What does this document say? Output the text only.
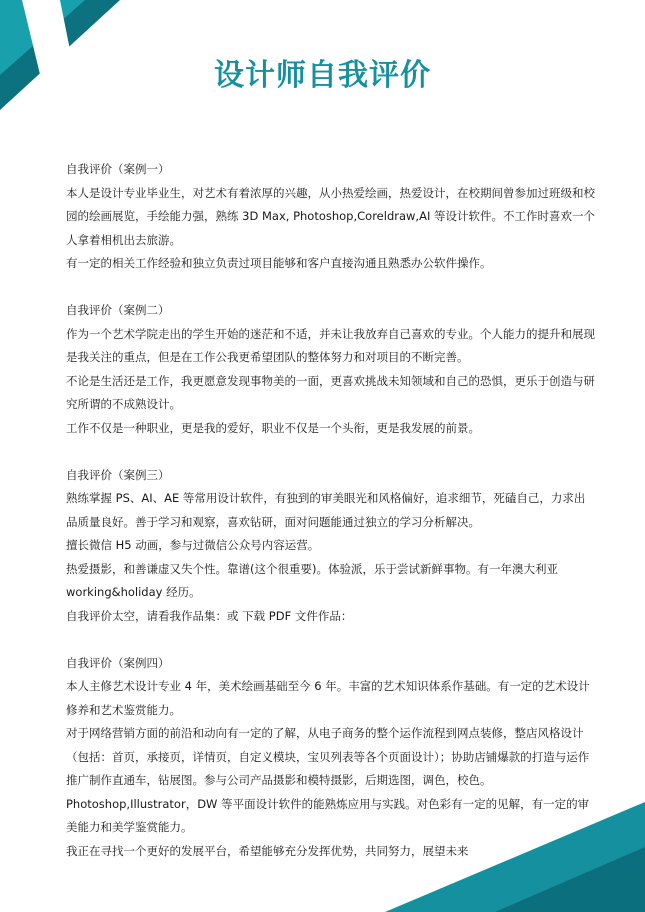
设计师自我评价

自我评价（案例一）

本人是设计专业毕业生，对艺术有着浓厚的兴趣，从小热爱绘画，热爱设计，在校期间曾参加过班级和校园的绘画展览，手绘能力强，熟练 3D Max, Photoshop,Coreldraw,AI 等设计软件。不工作时喜欢一个人拿着相机出去旅游。

有一定的相关工作经验和独立负责过项目能够和客户直接沟通且熟悉办公软件操作。

自我评价（案例二）

作为一个艺术学院走出的学生开始的迷茫和不适，并未让我放弃自己喜欢的专业。个人能力的提升和展现是我关注的重点，但是在工作公我更希望团队的整体努力和对项目的不断完善。

不论是生活还是工作，我更愿意发现事物美的一面，更喜欢挑战未知领域和自己的恐惧，更乐于创造与研究所谓的不成熟设计。

工作不仅是一种职业，更是我的爱好，职业不仅是一个头衔，更是我发展的前景。

自我评价（案例三）

熟练掌握 PS、AI、AE 等常用设计软件，有独到的审美眼光和风格偏好，追求细节，死磕自己，力求出品质量良好。善于学习和观察，喜欢钻研，面对问题能通过独立的学习分析解决。

擅长微信 H5 动画，参与过微信公众号内容运营。

热爱摄影，和善谦虚又失个性。靠谱(这个很重要)。体验派，乐于尝试新鲜事物。有一年澳大利亚 working&holiday 经历。

自我评价太空，请看我作品集：或 下载 PDF 文件作品：

自我评价（案例四）

本人主修艺术设计专业 4 年，美术绘画基础至今 6 年。丰富的艺术知识体系作基础。有一定的艺术设计修养和艺术鉴赏能力。

对于网络营销方面的前沿和动向有一定的了解，从电子商务的整个运作流程到网点装修，整店风格设计（包括：首页，承接页，详情页，自定义模块，宝贝列表等各个页面设计）；协助店铺爆款的打造与运作推广制作直通车，钻展图。参与公司产品摄影和模特摄影，后期选图，调色，校色。

Photoshop,Illustrator，DW 等平面设计软件的能熟炼应用与实践。对色彩有一定的见解，有一定的审美能力和美学鉴赏能力。

我正在寻找一个更好的发展平台，希望能够充分发挥优势，共同努力，展望未来
